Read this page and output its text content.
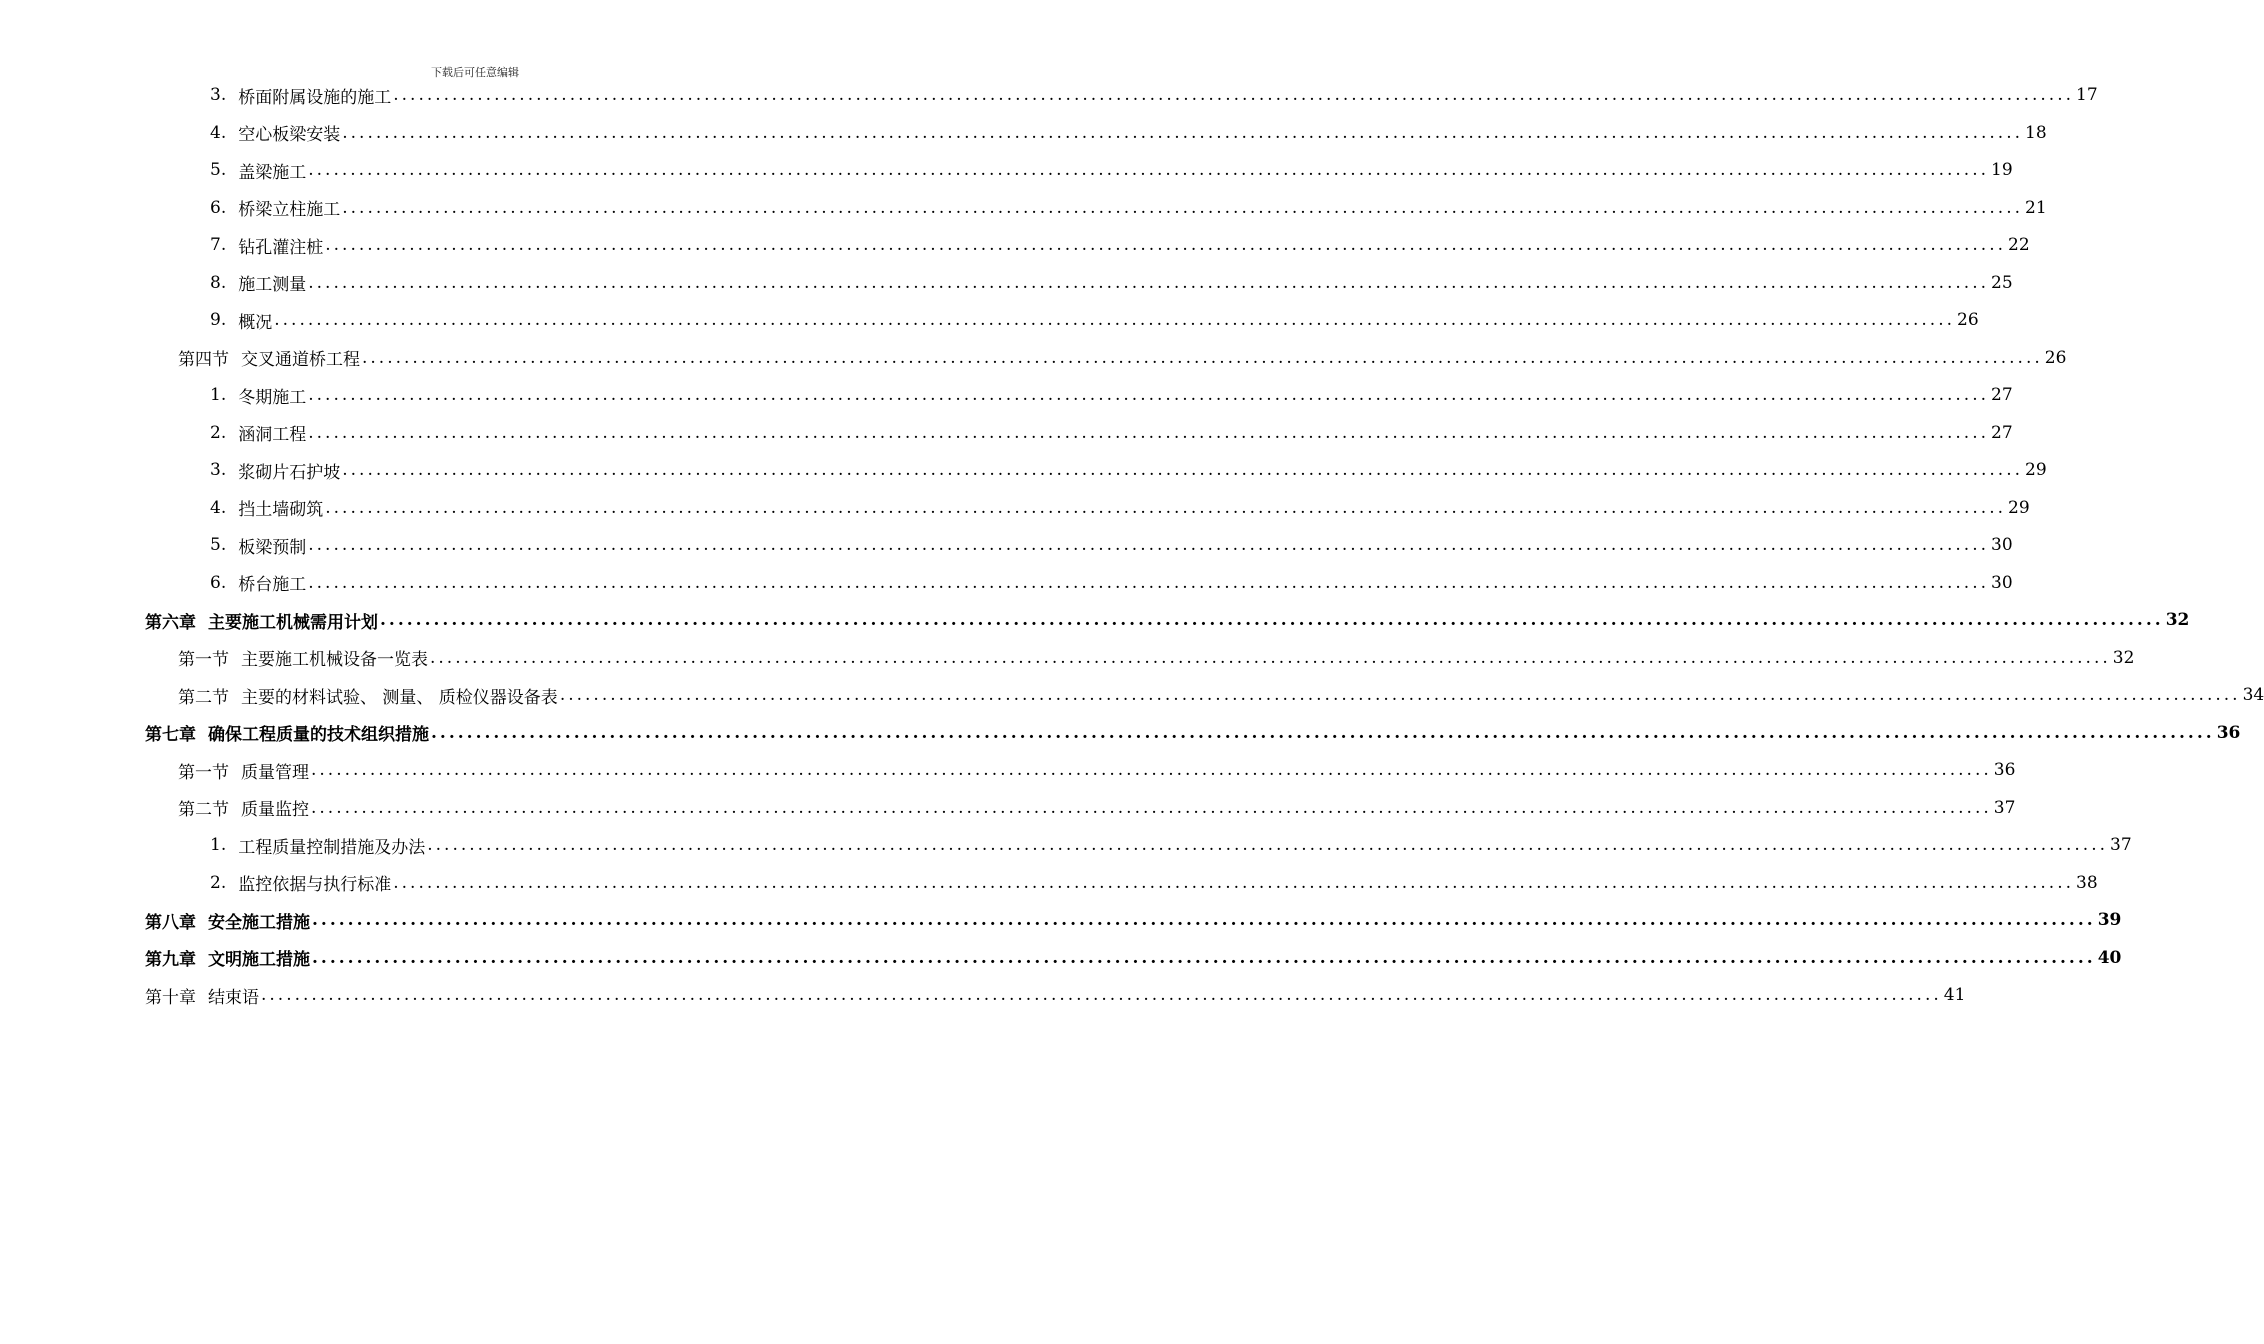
下载后可任意编辑
3. 桥面附属设施的施工 ........................................................................................................................................................................................................ 17
4. 空心板梁安装 ........................................................................................................................................................................................................ 18
5. 盖梁施工 ........................................................................................................................................................................................................ 19
6. 桥梁立柱施工 ........................................................................................................................................................................................................ 21
7. 钻孔灌注桩 ........................................................................................................................................................................................................ 22
8. 施工测量 ........................................................................................................................................................................................................ 25
9. 概况 ........................................................................................................................................................................................................ 26
第四节 交叉通道桥工程 ........................................................................................................................................................................................................ 26
1. 冬期施工 ........................................................................................................................................................................................................ 27
2. 涵洞工程 ........................................................................................................................................................................................................ 27
3. 浆砌片石护坡 ........................................................................................................................................................................................................ 29
4. 挡土墙砌筑 ........................................................................................................................................................................................................ 29
5. 板梁预制 ........................................................................................................................................................................................................ 30
6. 桥台施工 ........................................................................................................................................................................................................ 30
第六章 主要施工机械需用计划 ........................................................................................................................................................................................................ 32
第一节 主要施工机械设备一览表 ........................................................................................................................................................................................................ 32
第二节 主要的材料试验、 测量、 质检仪器设备表 ........................................................................................................................................................................................................ 34
第七章 确保工程质量的技术组织措施 ........................................................................................................................................................................................................ 36
第一节 质量管理 ........................................................................................................................................................................................................ 36
第二节 质量监控 ........................................................................................................................................................................................................ 37
1. 工程质量控制措施及办法 ........................................................................................................................................................................................................ 37
2. 监控依据与执行标准 ........................................................................................................................................................................................................ 38
第八章 安全施工措施 ........................................................................................................................................................................................................ 39
第九章 文明施工措施 ........................................................................................................................................................................................................ 40
第十章 结束语 ........................................................................................................................................................................................................ 41
